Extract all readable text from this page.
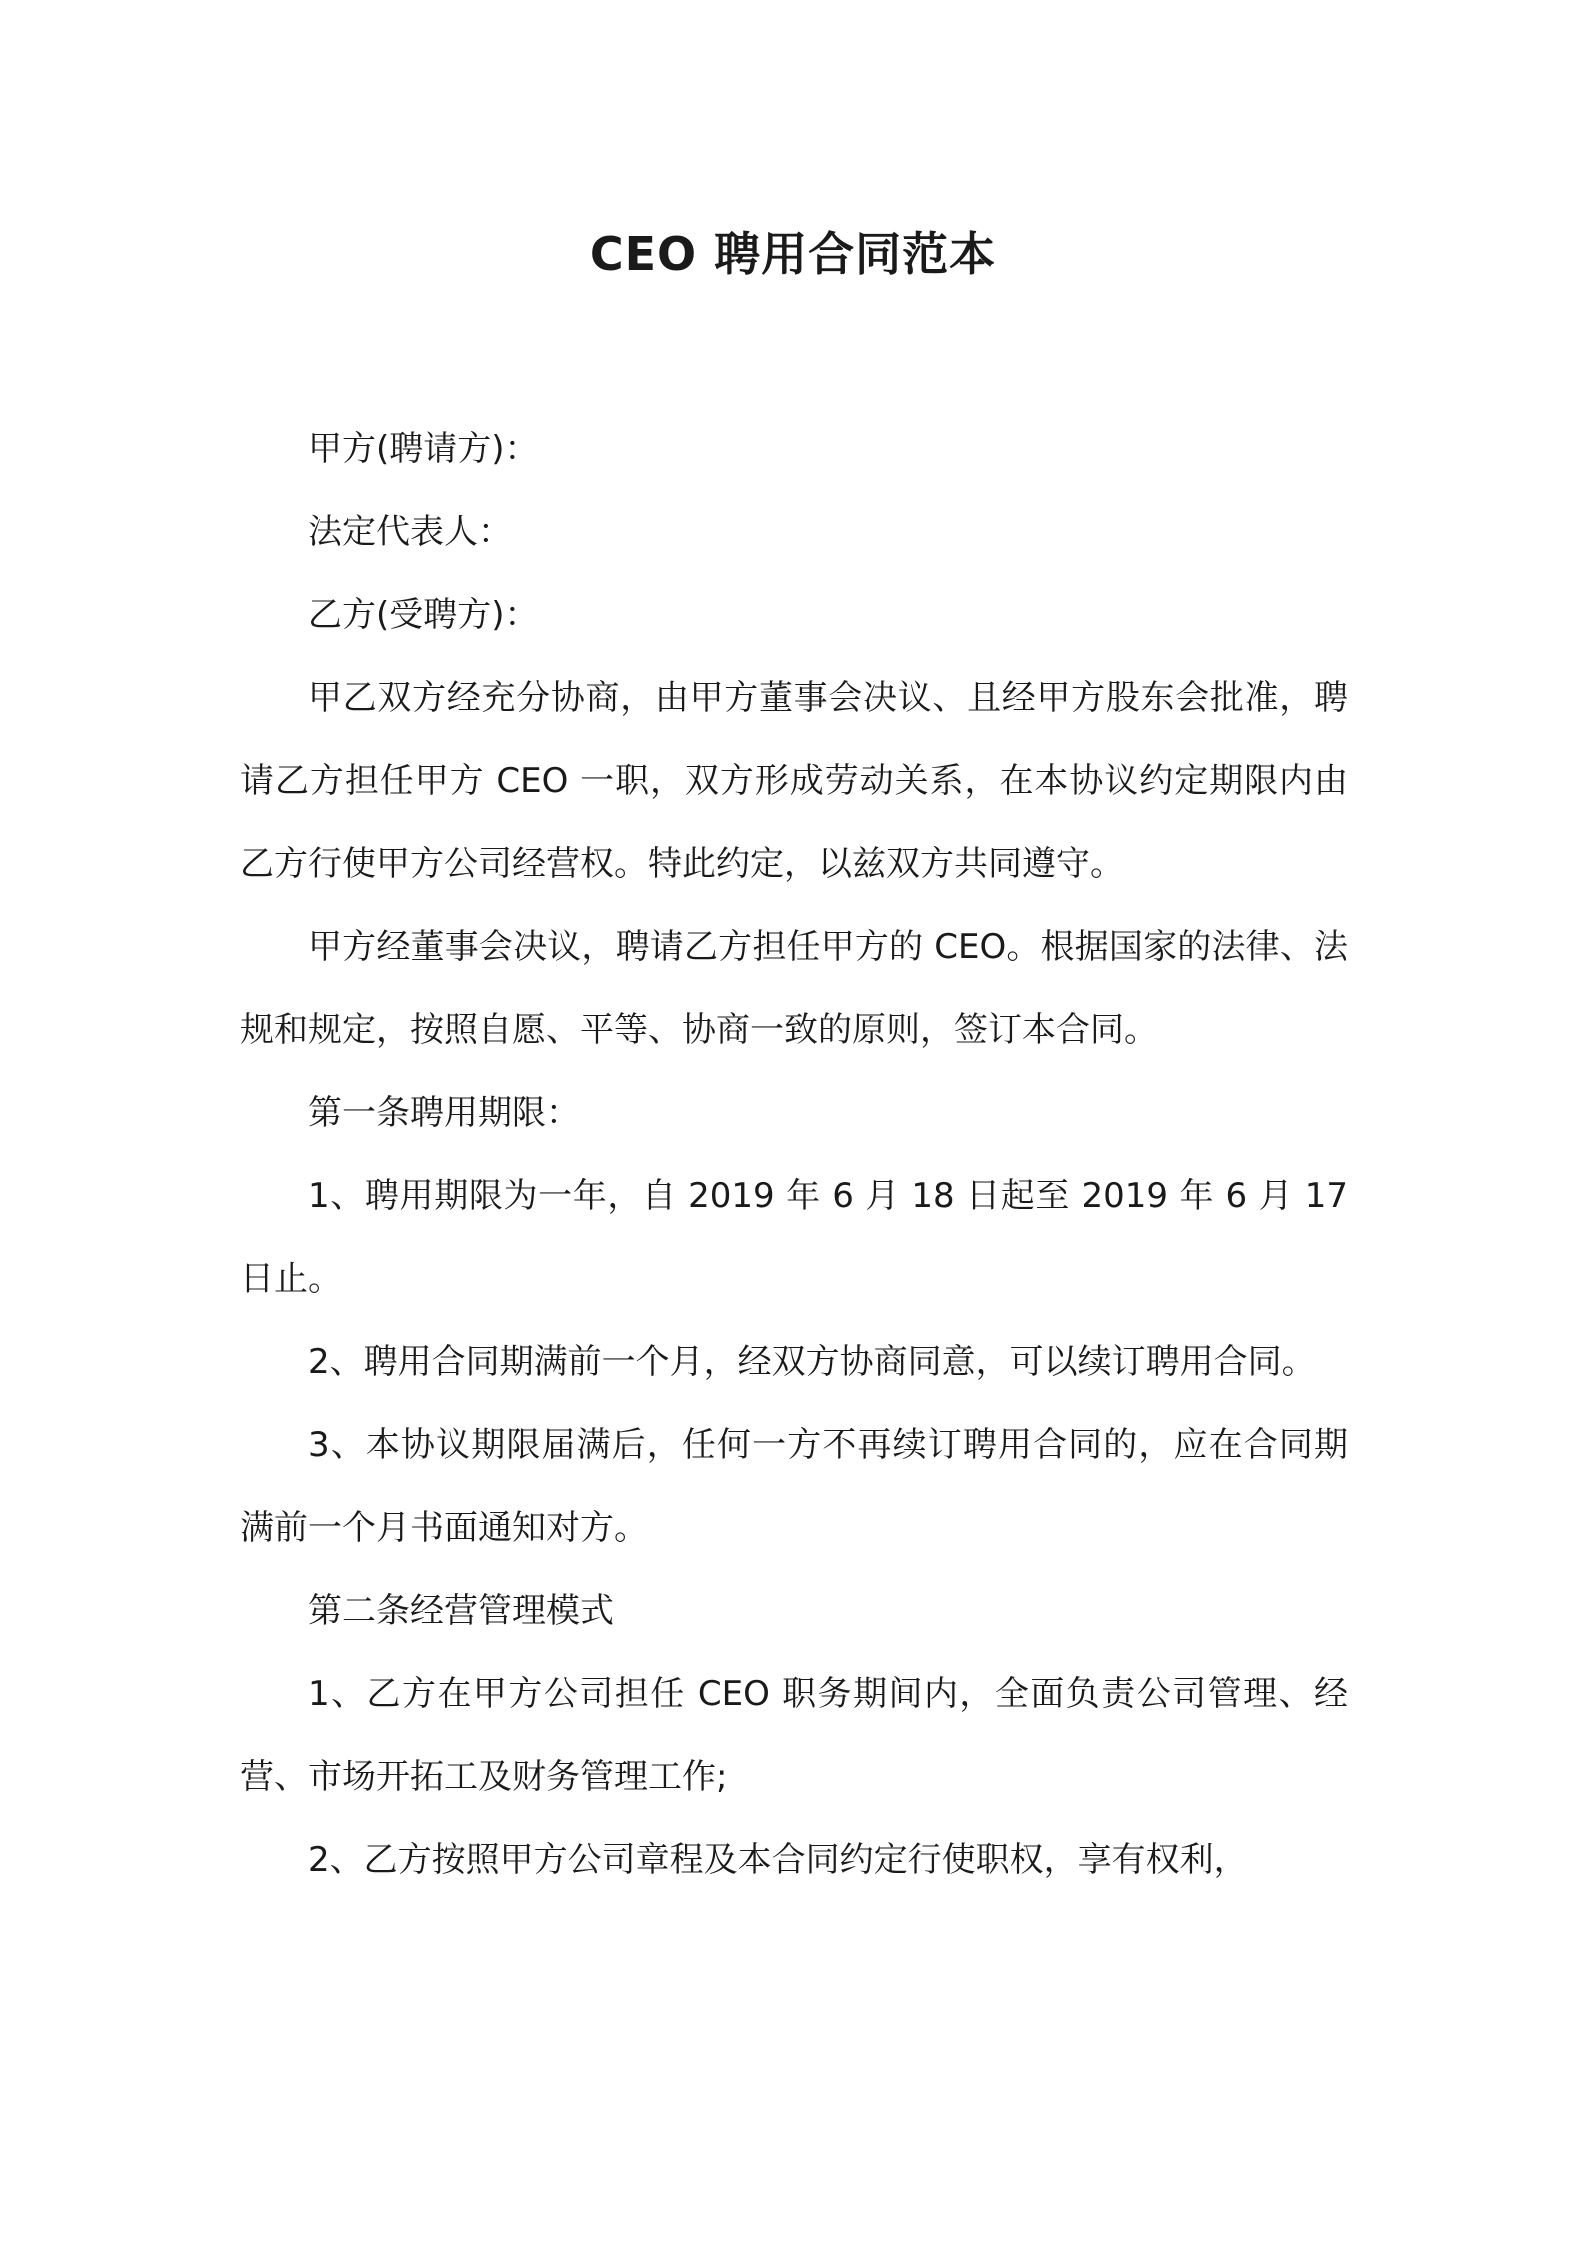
CEO 聘用合同范本

甲方(聘请方)：

法定代表人：

乙方(受聘方)：

甲乙双方经充分协商，由甲方董事会决议、且经甲方股东会批准，聘请乙方担任甲方 CEO 一职，双方形成劳动关系，在本协议约定期限内由乙方行使甲方公司经营权。特此约定，以兹双方共同遵守。

甲方经董事会决议，聘请乙方担任甲方的 CEO。根据国家的法律、法规和规定，按照自愿、平等、协商一致的原则，签订本合同。

第一条聘用期限：

1、聘用期限为一年，自 2019 年 6 月 18 日起至 2019 年 6 月 17 日止。

2、聘用合同期满前一个月，经双方协商同意，可以续订聘用合同。

3、本协议期限届满后，任何一方不再续订聘用合同的，应在合同期满前一个月书面通知对方。

第二条经营管理模式

1、乙方在甲方公司担任 CEO 职务期间内，全面负责公司管理、经营、市场开拓工及财务管理工作;

2、乙方按照甲方公司章程及本合同约定行使职权，享有权利，
